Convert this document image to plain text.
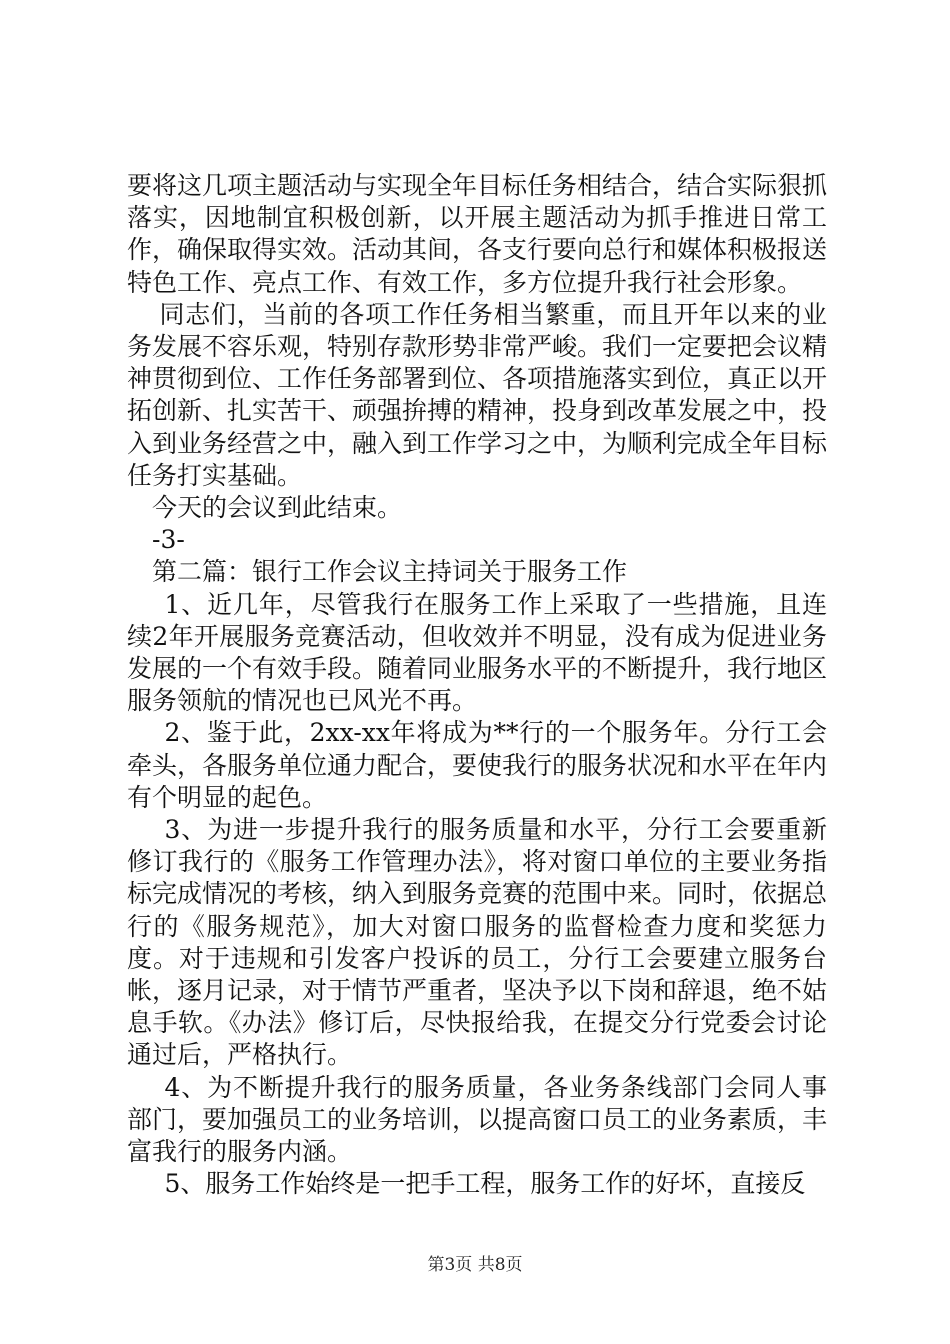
要将这几项主题活动与实现全年目标任务相结合，结合实际狠抓落实，因地制宜积极创新，以开展主题活动为抓手推进日常工作，确保取得实效。活动其间，各支行要向总行和媒体积极报送特色工作、亮点工作、有效工作，多方位提升我行社会形象。

同志们，当前的各项工作任务相当繁重，而且开年以来的业务发展不容乐观，特别存款形势非常严峻。我们一定要把会议精神贯彻到位、工作任务部署到位、各项措施落实到位，真正以开拓创新、扎实苦干、顽强拚搏的精神，投身到改革发展之中，投入到业务经营之中，融入到工作学习之中，为顺利完成全年目标任务打实基础。

今天的会议到此结束。

-3-

第二篇：银行工作会议主持词关于服务工作

1、近几年，尽管我行在服务工作上采取了一些措施，且连续2年开展服务竞赛活动，但收效并不明显，没有成为促进业务发展的一个有效手段。随着同业服务水平的不断提升，我行地区服务领航的情况也已风光不再。

2、鉴于此，2xx-xx年将成为**行的一个服务年。分行工会牵头，各服务单位通力配合，要使我行的服务状况和水平在年内有个明显的起色。

3、为进一步提升我行的服务质量和水平，分行工会要重新修订我行的《服务工作管理办法》，将对窗口单位的主要业务指标完成情况的考核，纳入到服务竞赛的范围中来。同时，依据总行的《服务规范》，加大对窗口服务的监督检查力度和奖惩力度。对于违规和引发客户投诉的员工，分行工会要建立服务台帐，逐月记录，对于情节严重者，坚决予以下岗和辞退，绝不姑息手软。《办法》修订后，尽快报给我，在提交分行党委会讨论通过后，严格执行。

4、为不断提升我行的服务质量，各业务条线部门会同人事部门，要加强员工的业务培训，以提高窗口员工的业务素质，丰富我行的服务内涵。

5、服务工作始终是一把手工程，服务工作的好坏，直接反

第3页 共8页
